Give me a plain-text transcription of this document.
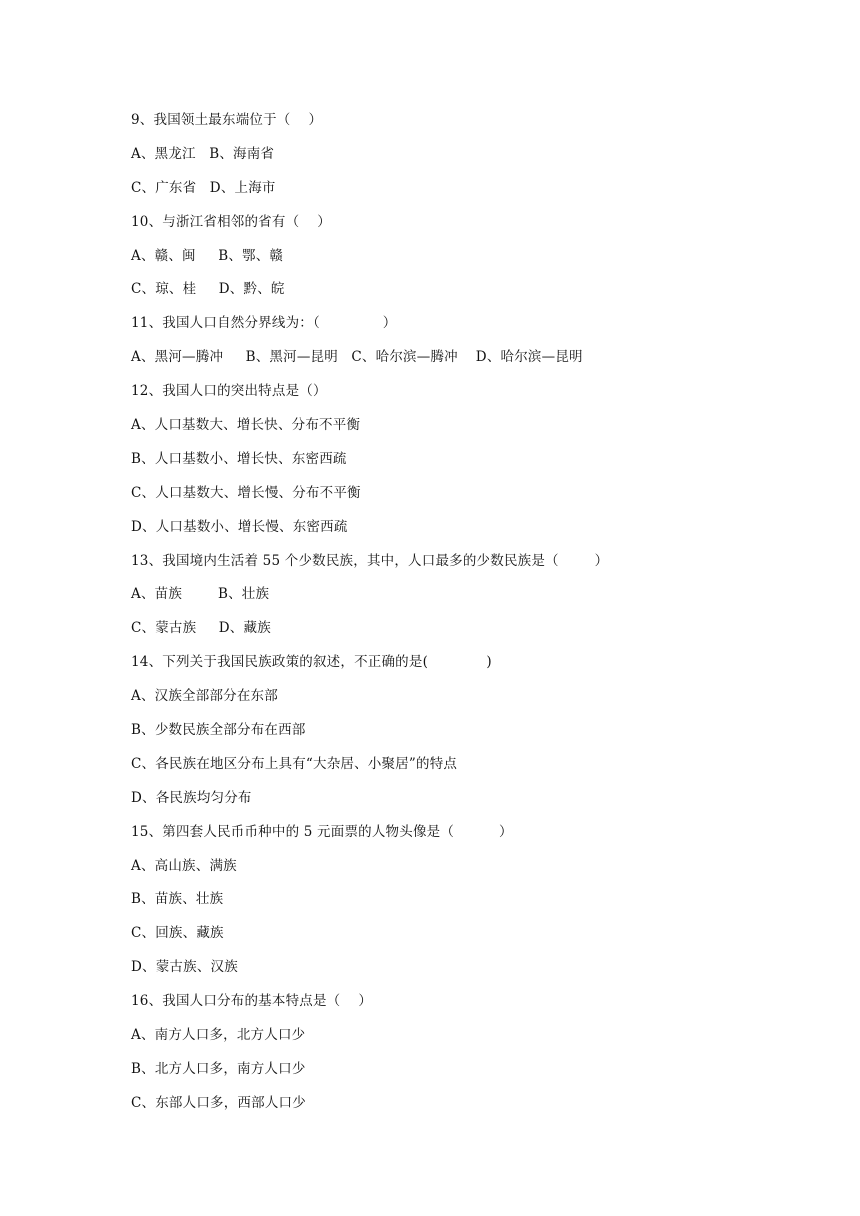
9、我国领土最东端位于（    ）
A、黑龙江   B、海南省
C、广东省   D、上海市
10、与浙江省相邻的省有（    ）
A、赣、闽     B、鄂、赣
C、琼、桂     D、黔、皖
11、我国人口自然分界线为：（              ）
A、黑河—腾冲     B、黑河—昆明   C、哈尔滨—腾冲    D、哈尔滨—昆明
12、我国人口的突出特点是（）
A、人口基数大、增长快、分布不平衡
B、人口基数小、增长快、东密西疏
C、人口基数大、增长慢、分布不平衡
D、人口基数小、增长慢、东密西疏
13、我国境内生活着 55 个少数民族，其中，人口最多的少数民族是（        ）
A、苗族        B、壮族
C、蒙古族     D、藏族
14、下列关于我国民族政策的叙述，不正确的是(             )
A、汉族全部部分在东部
B、少数民族全部分布在西部
C、各民族在地区分布上具有“大杂居、小聚居”的特点
D、各民族均匀分布
15、第四套人民币币种中的 5 元面票的人物头像是（          ）
A、高山族、满族
B、苗族、壮族
C、回族、藏族
D、蒙古族、汉族
16、我国人口分布的基本特点是（    ）
A、南方人口多，北方人口少
B、北方人口多，南方人口少
C、东部人口多，西部人口少
